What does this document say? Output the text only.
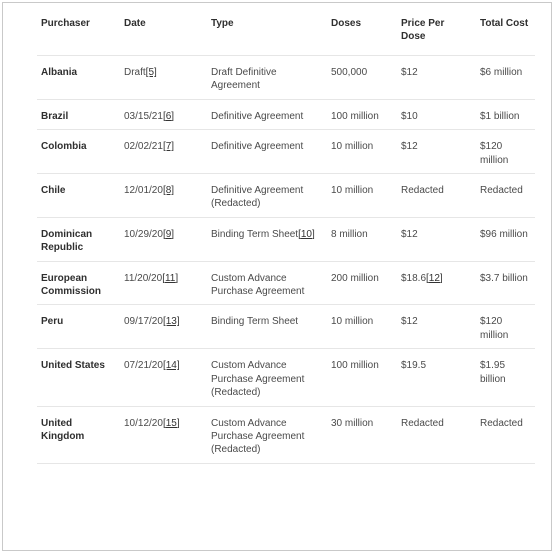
Purchaser	Date	Type	Doses	Price Per Dose	Total Cost
Albania	Draft[5]	Draft Definitive Agreement	500,000	$12	$6 million
Brazil	03/15/21[6]	Definitive Agreement	100 million	$10	$1 billion
Colombia	02/02/21[7]	Definitive Agreement	10 million	$12	$120 million
Chile	12/01/20[8]	Definitive Agreement (Redacted)	10 million	Redacted	Redacted
Dominican Republic	10/29/20[9]	Binding Term Sheet[10]	8 million	$12	$96 million
European Commission	11/20/20[11]	Custom Advance Purchase Agreement	200 million	$18.6[12]	$3.7 billion
Peru	09/17/20[13]	Binding Term Sheet	10 million	$12	$120 million
United States	07/21/20[14]	Custom Advance Purchase Agreement (Redacted)	100 million	$19.5	$1.95 billion
United Kingdom	10/12/20[15]	Custom Advance Purchase Agreement (Redacted)	30 million	Redacted	Redacted
